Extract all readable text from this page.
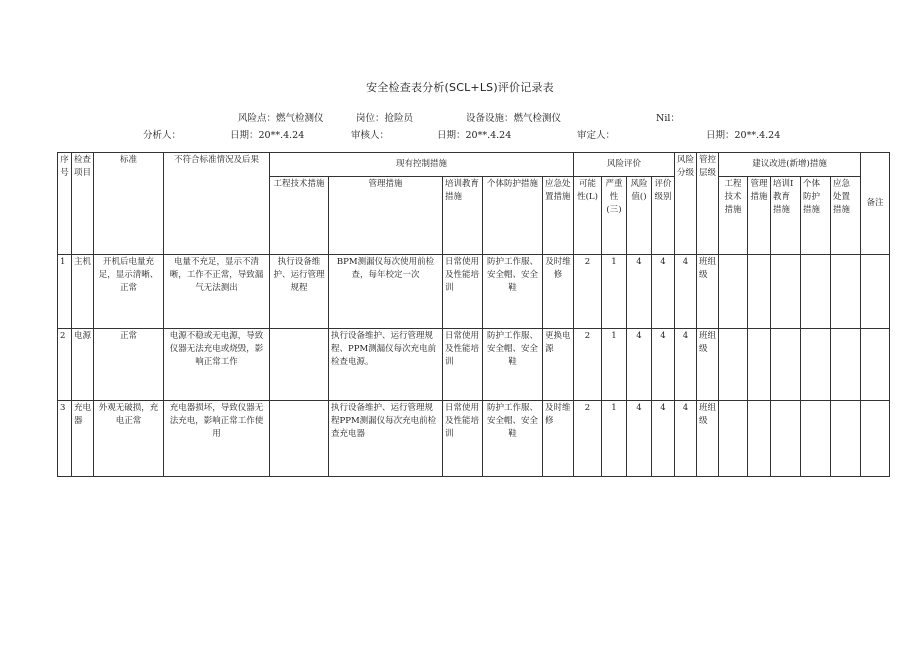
安全检查表分析(SCL+LS)评价记录表
风险点：燃气检测仪	岗位：抢险员	设备设施：燃气检测仪	Nil：
分析人：	日期：20**.4.24	审核人：	日期：20**.4.24	审定人：	日期：20**.4.24
序号	检查项目	标准	不符合标准情况及后果	现有控制措施					风险评价				风险分级	管控层级	建议改进(新增)措施					备注
				工程技术措施	管理措施	培训教育措施	个体防护措施	应急处置措施	可能性(L)	严重性(三)	风险值()	评价级别			工程技术措施	管理措施	培训I教育措施	个体防护措施	应急处置措施	
1	主机	开机后电量充足，显示清晰、正常	电量不充足，显示不清晰，工作不正常，导致漏气无法测出	执行设备维护、运行管理规程	BPM测漏仪每次使用前检查，每年校定一次	日常使用及性能培训	防护工作服、安全帽、安全鞋	及时维修	2	1	4	4	4	班组级						
2	电源	正常	电源不稳或无电源，导致仪器无法充电或烧毁，影响正常工作		执行设备维护、运行管理规程、PPM测漏仪每次充电前检查电源。	日常使用及性能培训	防护工作服、安全帽、安全鞋	更换电源	2	1	4	4	4	班组级						
3	充电器	外观无破损，充电正常	充电器损坏，导致仪器无法充电，影响正常工作使用		执行设备维护、运行管理规程PPM测漏仪每次充电前检查充电器	日常使用及性能培训	防护工作服、安全帽、安全鞋	及时维修	2	1	4	4	4	班组级						
